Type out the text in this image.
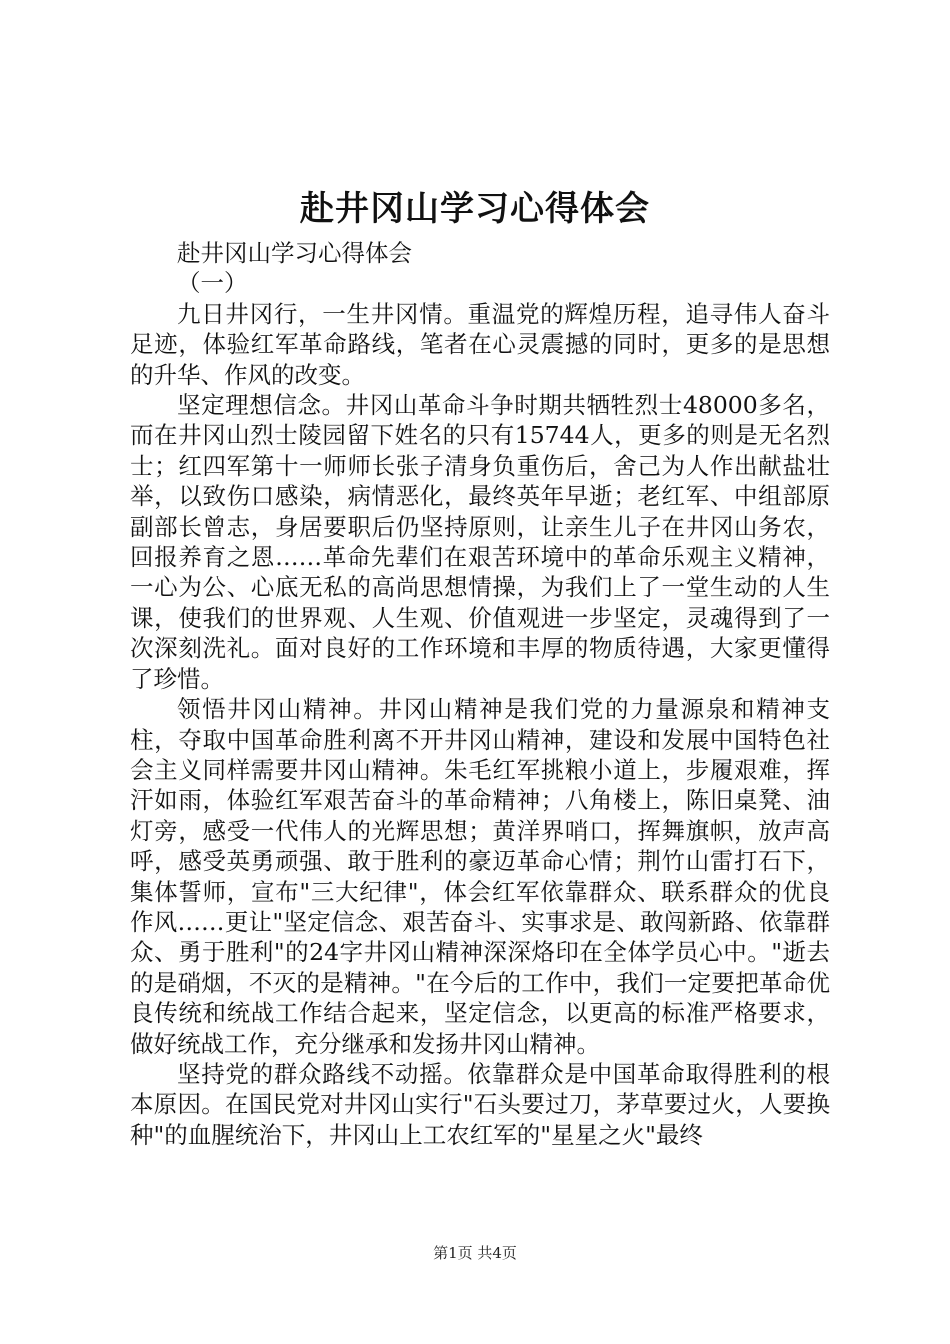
赴井冈山学习心得体会

赴井冈山学习心得体会

（一）

九日井冈行，一生井冈情。重温党的辉煌历程，追寻伟人奋斗足迹，体验红军革命路线，笔者在心灵震撼的同时，更多的是思想的升华、作风的改变。

坚定理想信念。井冈山革命斗争时期共牺牲烈士48000多名，而在井冈山烈士陵园留下姓名的只有15744人，更多的则是无名烈士；红四军第十一师师长张子清身负重伤后，舍己为人作出献盐壮举，以致伤口感染，病情恶化，最终英年早逝；老红军、中组部原副部长曾志，身居要职后仍坚持原则，让亲生儿子在井冈山务农，回报养育之恩……革命先辈们在艰苦环境中的革命乐观主义精神，一心为公、心底无私的高尚思想情操，为我们上了一堂生动的人生课，使我们的世界观、人生观、价值观进一步坚定，灵魂得到了一次深刻洗礼。面对良好的工作环境和丰厚的物质待遇，大家更懂得了珍惜。

领悟井冈山精神。井冈山精神是我们党的力量源泉和精神支柱，夺取中国革命胜利离不开井冈山精神，建设和发展中国特色社会主义同样需要井冈山精神。朱毛红军挑粮小道上，步履艰难，挥汗如雨，体验红军艰苦奋斗的革命精神；八角楼上，陈旧桌凳、油灯旁，感受一代伟人的光辉思想；黄洋界哨口，挥舞旗帜，放声高呼，感受英勇顽强、敢于胜利的豪迈革命心情；荆竹山雷打石下，集体誓师，宣布"三大纪律"，体会红军依靠群众、联系群众的优良作风……更让"坚定信念、艰苦奋斗、实事求是、敢闯新路、依靠群众、勇于胜利"的24字井冈山精神深深烙印在全体学员心中。"逝去的是硝烟，不灭的是精神。"在今后的工作中，我们一定要把革命优良传统和统战工作结合起来，坚定信念，以更高的标准严格要求，做好统战工作，充分继承和发扬井冈山精神。

坚持党的群众路线不动摇。依靠群众是中国革命取得胜利的根本原因。在国民党对井冈山实行"石头要过刀，茅草要过火，人要换种"的血腥统治下，井冈山上工农红军的"星星之火"最终

第1页 共4页
